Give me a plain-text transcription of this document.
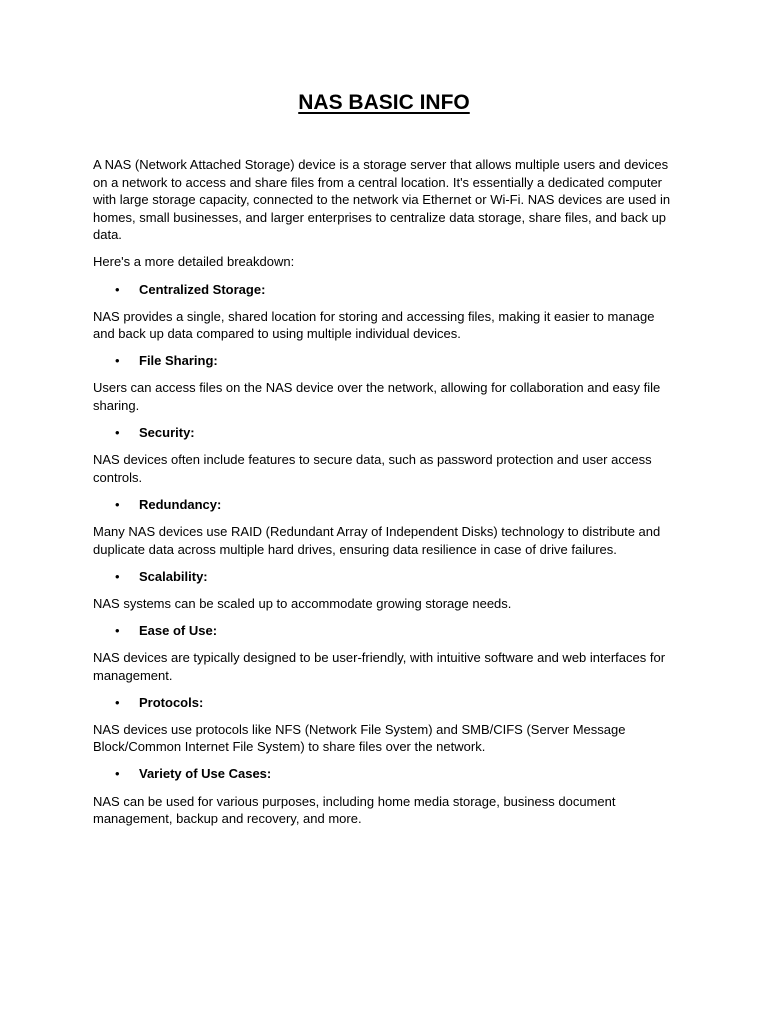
NAS BASIC INFO

A NAS (Network Attached Storage) device is a storage server that allows multiple users and devices on a network to access and share files from a central location. It's essentially a dedicated computer with large storage capacity, connected to the network via Ethernet or Wi-Fi. NAS devices are used in homes, small businesses, and larger enterprises to centralize data storage, share files, and back up data.

Here's a more detailed breakdown:

• Centralized Storage:

NAS provides a single, shared location for storing and accessing files, making it easier to manage and back up data compared to using multiple individual devices.

• File Sharing:

Users can access files on the NAS device over the network, allowing for collaboration and easy file sharing.

• Security:

NAS devices often include features to secure data, such as password protection and user access controls.

• Redundancy:

Many NAS devices use RAID (Redundant Array of Independent Disks) technology to distribute and duplicate data across multiple hard drives, ensuring data resilience in case of drive failures.

• Scalability:

NAS systems can be scaled up to accommodate growing storage needs.

• Ease of Use:

NAS devices are typically designed to be user-friendly, with intuitive software and web interfaces for management.

• Protocols:

NAS devices use protocols like NFS (Network File System) and SMB/CIFS (Server Message Block/Common Internet File System) to share files over the network.

• Variety of Use Cases:

NAS can be used for various purposes, including home media storage, business document management, backup and recovery, and more.
